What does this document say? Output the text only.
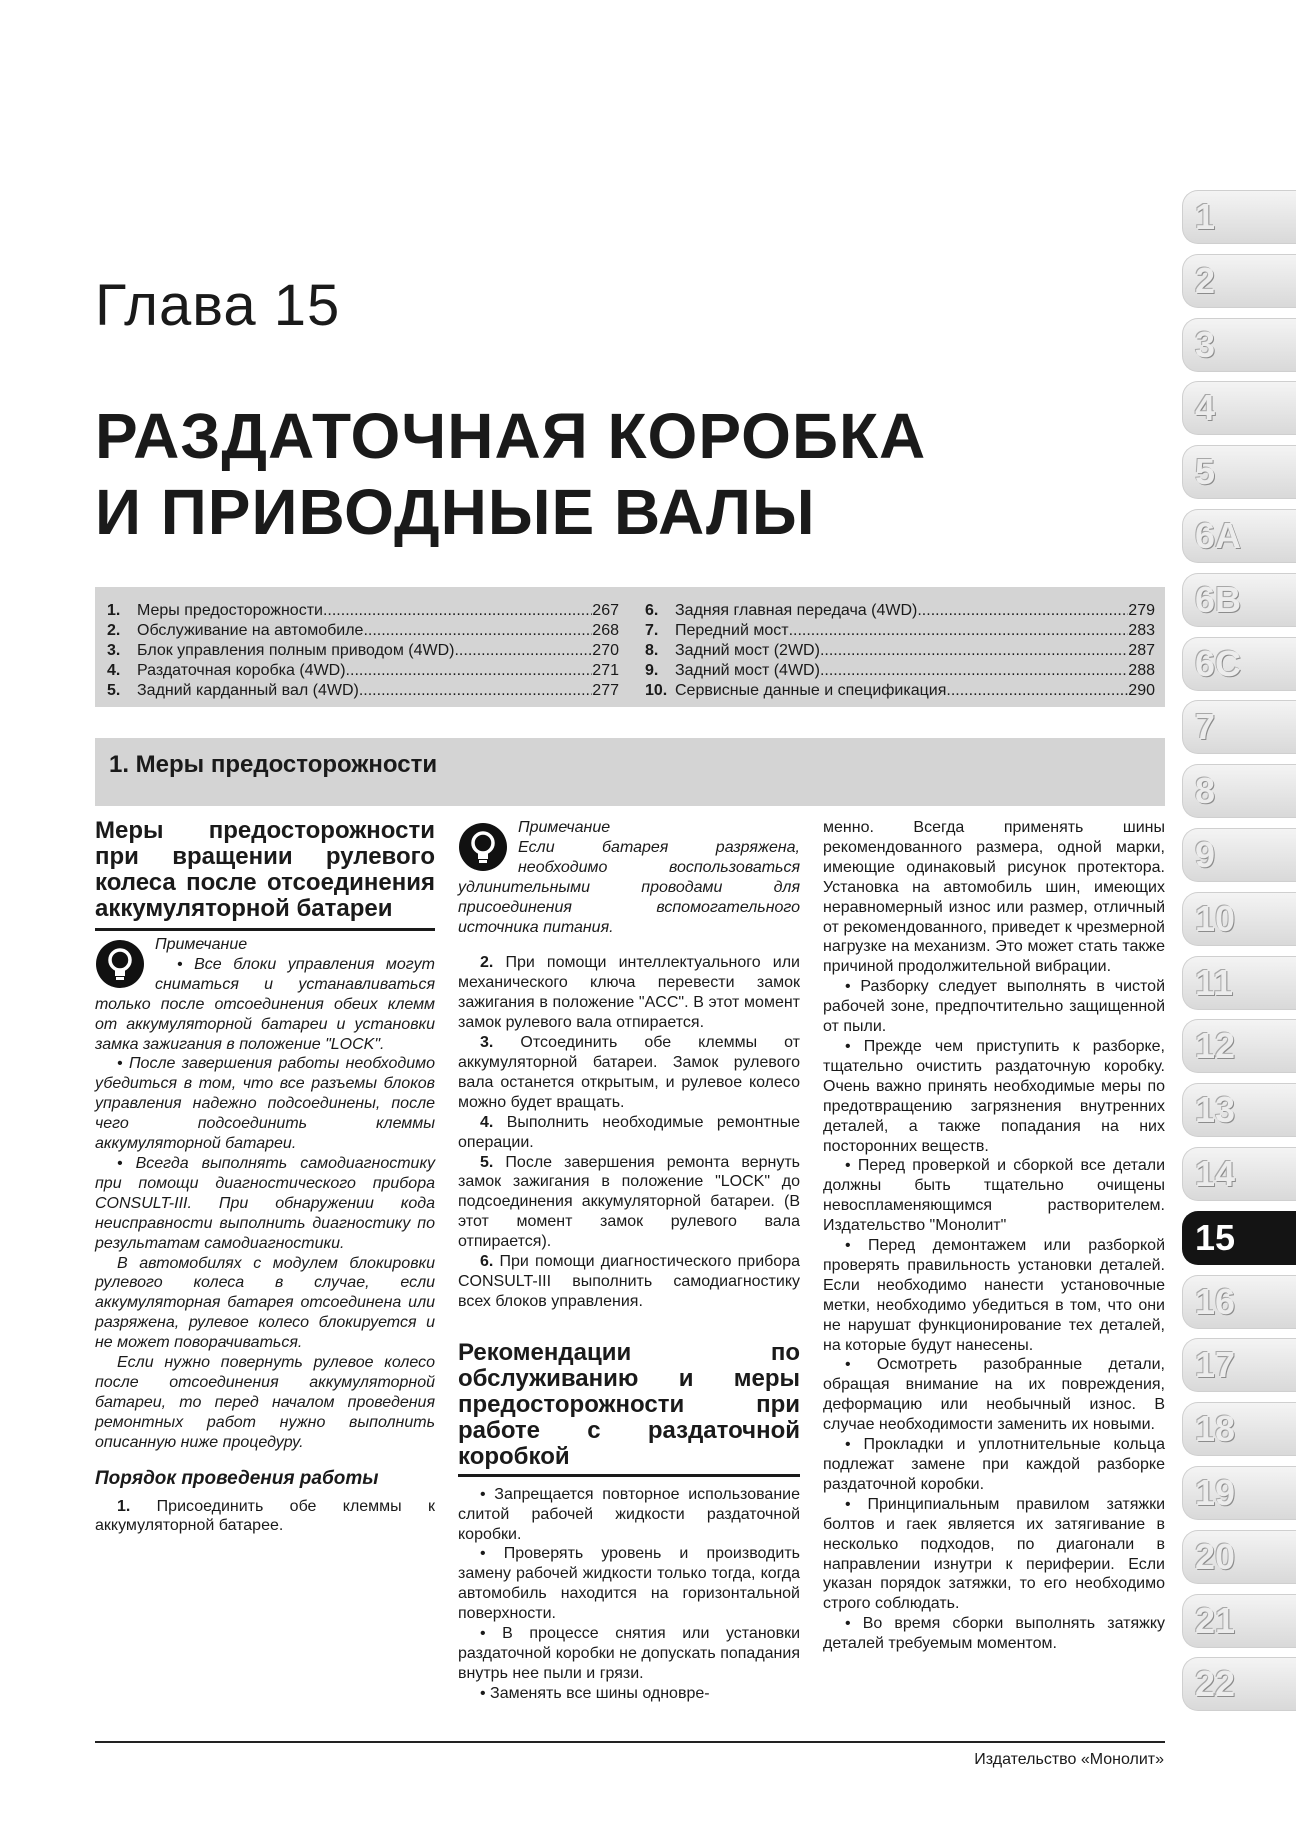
Глава 15
РАЗДАТОЧНАЯ КОРОБКА
И ПРИВОДНЫЕ ВАЛЫ
1.	Меры предосторожности .....	267
2.	Обслуживание на автомобиле .....	268
3.	Блок управления полным приводом (4WD) .....	270
4.	Раздаточная коробка (4WD) .....	271
5.	Задний карданный вал (4WD) .....	277
6.	Задняя главная передача (4WD) .....	279
7.	Передний мост .....	283
8.	Задний мост (2WD) .....	287
9.	Задний мост (4WD) .....	288
10. Сервисные данные и спецификация .....	290
1. Меры предосторожности
Меры предосторожности при вращении рулевого колеса после отсоединения аккумуляторной батареи

Примечание

• Все блоки управления могут сниматься и устанавливаться только после отсоединения обеих клемм от аккумуляторной батареи и установки замка зажигания в положение "LOCK".

• После завершения работы необходимо убедиться в том, что все разъемы блоков управления надежно подсоединены, после чего подсоединить клеммы аккумуляторной батареи.

• Всегда выполнять самодиагностику при помощи диагностического прибора CONSULT-III. При обнаружении кода неисправности выполнить диагностику по результатам самодиагностики.

В автомобилях с модулем блокировки рулевого колеса в случае, если аккумуляторная батарея отсоединена или разряжена, рулевое колесо блокируется и не может поворачиваться.

Если нужно повернуть рулевое колесо после отсоединения аккумуляторной батареи, то перед началом проведения ремонтных работ нужно выполнить описанную ниже процедуру.

Порядок проведения работы

1. Присоединить обе клеммы к аккумуляторной батарее.

Примечание

Если батарея разряжена, необходимо воспользоваться удлинительными проводами для присоединения вспомогательного источника питания.

2. При помощи интеллектуального или механического ключа перевести замок зажигания в положение "ACC". В этот момент замок рулевого вала отпирается.

3. Отсоединить обе клеммы от аккумуляторной батареи. Замок рулевого вала останется открытым, и рулевое колесо можно будет вращать.

4. Выполнить необходимые ремонтные операции.

5. После завершения ремонта вернуть замок зажигания в положение "LOCK" до подсоединения аккумуляторной батареи. (В этот момент замок рулевого вала отпирается).

6. При помощи диагностического прибора CONSULT-III выполнить самодиагностику всех блоков управления.

Рекомендации по обслуживанию и меры предосторожности при работе с раздаточной коробкой

• Запрещается повторное использование слитой рабочей жидкости раздаточной коробки.

• Проверять уровень и производить замену рабочей жидкости только тогда, когда автомобиль находится на горизонтальной поверхности.

• В процессе снятия или установки раздаточной коробки не допускать попадания внутрь нее пыли и грязи.

• Заменять все шины одновре-

менно. Всегда применять шины рекомендованного размера, одной марки, имеющие одинаковый рисунок протектора. Установка на автомобиль шин, имеющих неравномерный износ или размер, отличный от рекомендованного, приведет к чрезмерной нагрузке на механизм. Это может стать также причиной продолжительной вибрации.

• Разборку следует выполнять в чистой рабочей зоне, предпочтительно защищенной от пыли.

• Прежде чем приступить к разборке, тщательно очистить раздаточную коробку. Очень важно принять необходимые меры по предотвращению загрязнения внутренних деталей, а также попадания на них посторонних веществ.

• Перед проверкой и сборкой все детали должны быть тщательно очищены невоспламеняющимся растворителем. Издательство "Монолит"

• Перед демонтажем или разборкой проверять правильность установки деталей. Если необходимо нанести установочные метки, необходимо убедиться в том, что они не нарушат функционирование тех деталей, на которые будут нанесены.

• Осмотреть разобранные детали, обращая внимание на их повреждения, деформацию или необычный износ. В случае необходимости заменить их новыми.

• Прокладки и уплотнительные кольца подлежат замене при каждой разборке раздаточной коробки.

• Принципиальным правилом затяжки болтов и гаек является их затягивание в несколько подходов, по диагонали в направлении изнутри к периферии. Если указан порядок затяжки, то его необходимо строго соблюдать.

• Во время сборки выполнять затяжку деталей требуемым моментом.

1
2
3
4
5
6A
6B
6C
7
8
9
10
11
12
13
14
15
16
17
18
19
20
21
22
Издательство «Монолит»
